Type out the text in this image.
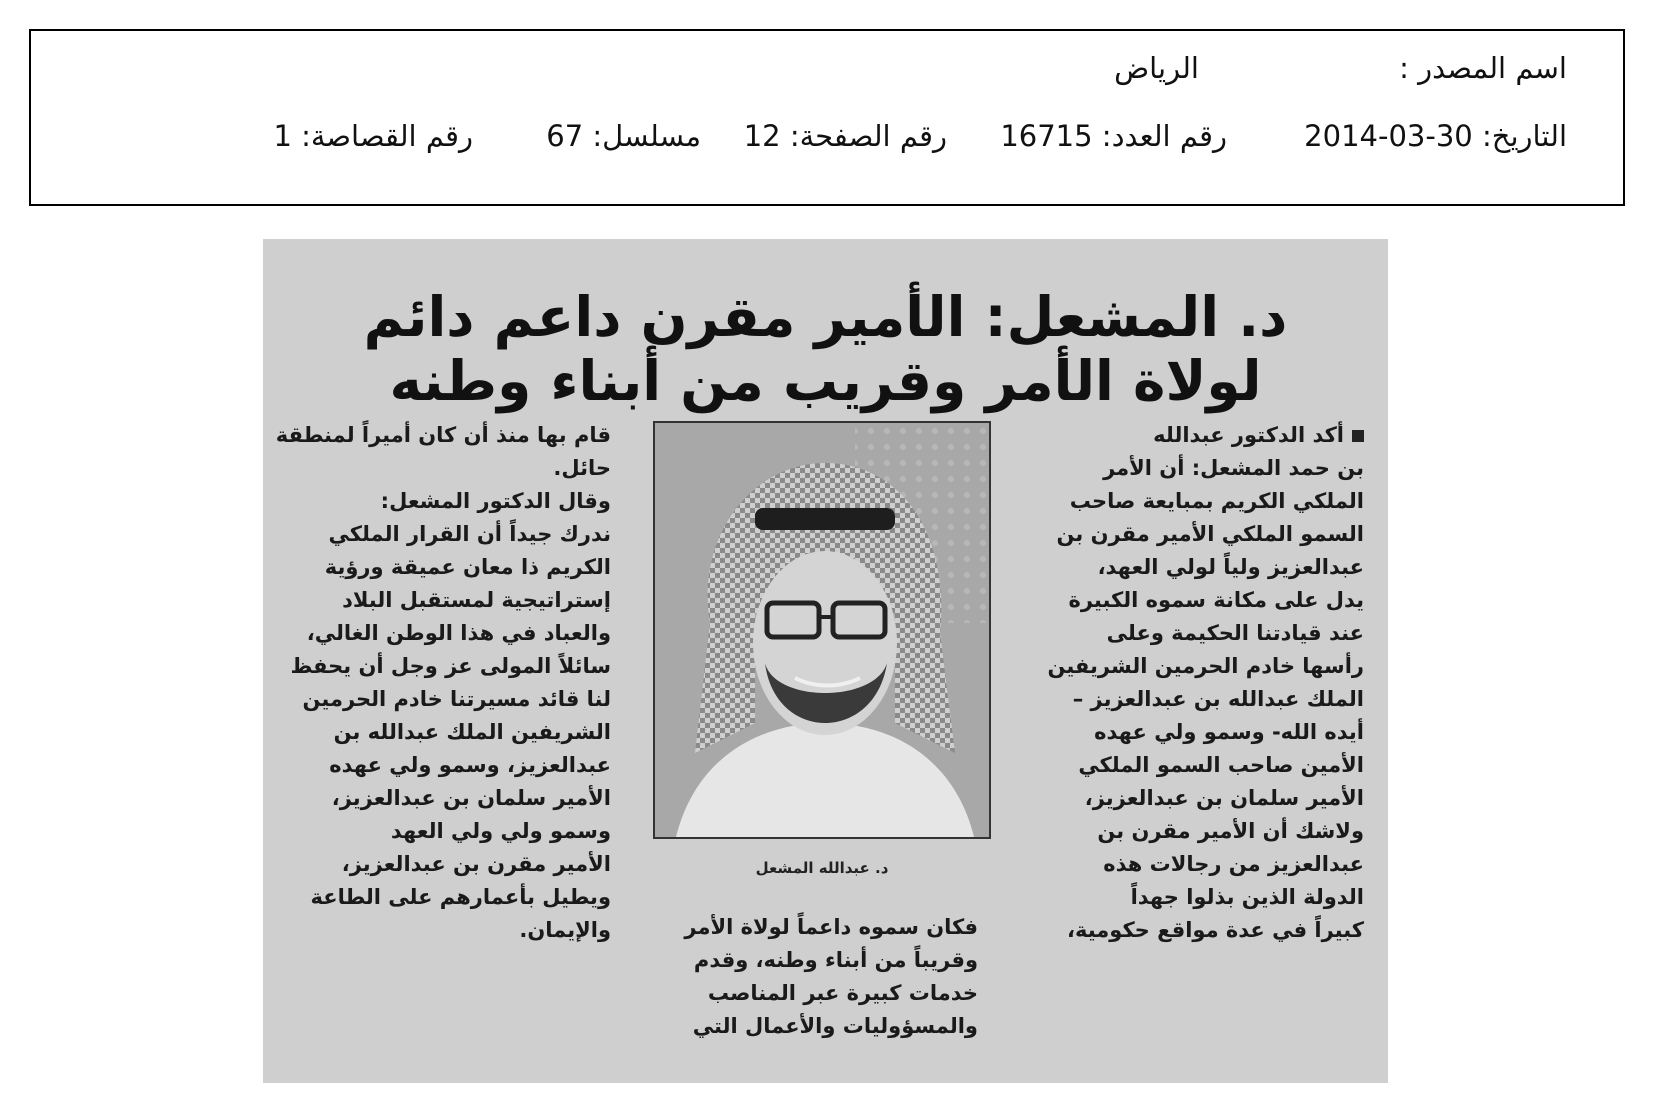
اسم المصدر :
الرياض
التاريخ: 30-03-2014
رقم العدد: 16715
رقم الصفحة: 12
مسلسل: 67
رقم القصاصة: 1
د. المشعل: الأمير مقرن داعم دائم لولاة الأمر وقريب من أبناء وطنه
أكد الدكتور عبدالله
بن حمد المشعل: أن الأمر
الملكي الكريم بمبايعة صاحب
السمو الملكي الأمير مقرن بن
عبدالعزيز ولياً لولي العهد،
يدل على مكانة سموه الكبيرة
عند قيادتنا الحكيمة وعلى
رأسها خادم الحرمين الشريفين
الملك عبدالله بن عبدالعزيز –
أيده الله- وسمو ولي عهده
الأمين صاحب السمو الملكي
الأمير سلمان بن عبدالعزيز،
ولاشك أن الأمير مقرن بن
عبدالعزيز من رجالات هذه
الدولة الذين بذلوا جهداً
كبيراً في عدة مواقع حكومية،
د. عبدالله المشعل
فكان سموه داعماً لولاة الأمر
وقريباً من أبناء وطنه، وقدم
خدمات كبيرة عبر المناصب
والمسؤوليات والأعمال التي
قام بها منذ أن كان أميراً لمنطقة
حائل.
وقال الدكتور المشعل:
ندرك جيداً أن القرار الملكي
الكريم ذا معان عميقة ورؤية
إستراتيجية لمستقبل البلاد
والعباد في هذا الوطن الغالي،
سائلاً المولى عز وجل أن يحفظ
لنا قائد مسيرتنا خادم الحرمين
الشريفين الملك عبدالله بن
عبدالعزيز، وسمو ولي عهده
الأمير سلمان بن عبدالعزيز،
وسمو ولي ولي العهد
الأمير مقرن بن عبدالعزيز،
ويطيل بأعمارهم على الطاعة
والإيمان.
